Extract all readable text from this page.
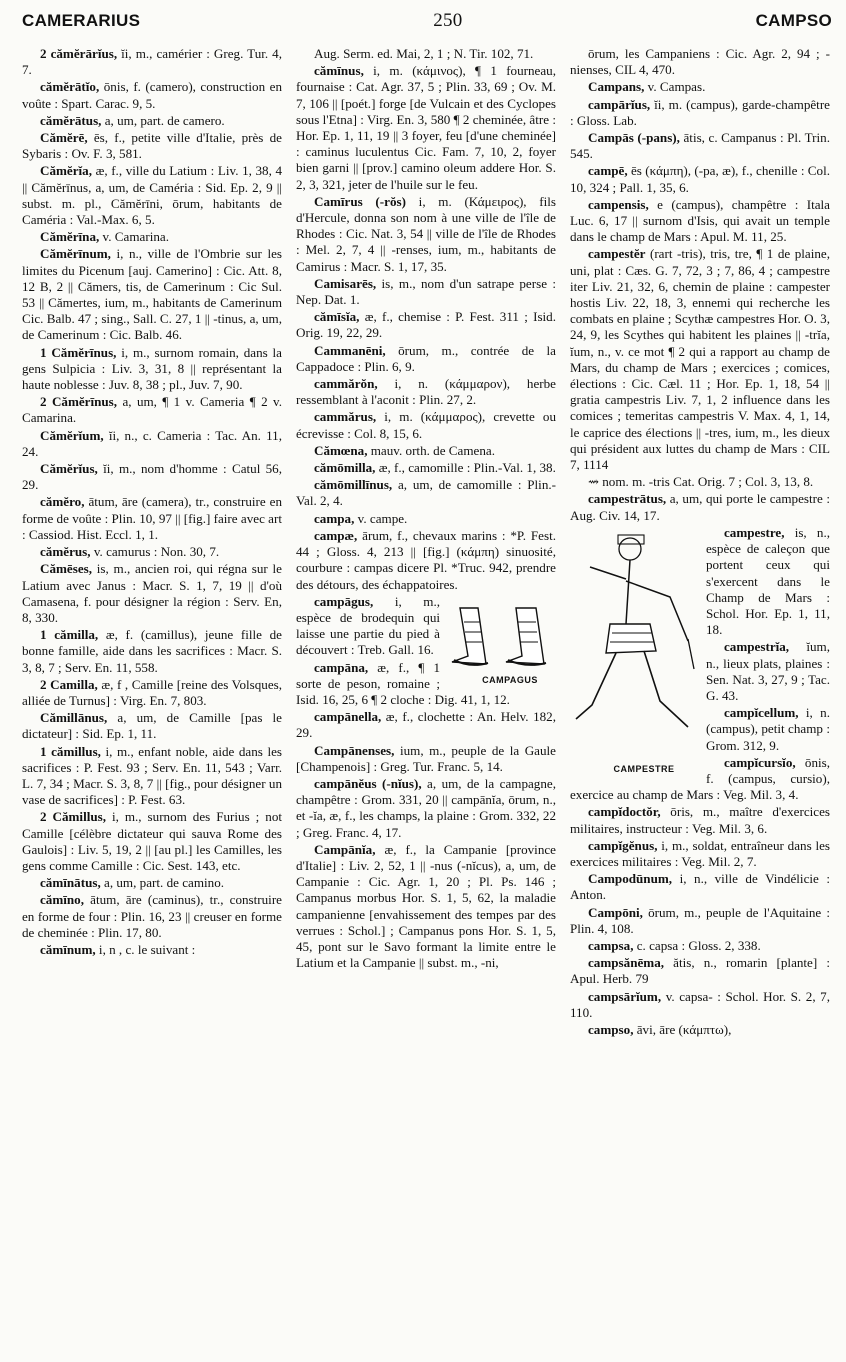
CAMERARIUS	250	CAMPSO

2 cămĕrārĭus, ĭi, m., camérier : Greg. Tur. 4, 7.

cămĕrātĭo, ōnis, f. (camero), construction en voûte : Spart. Carac. 9, 5.

cămĕrātus, a, um, part. de camero.

Cămĕrē, ēs, f., petite ville d'Italie, près de Sybaris : Ov. F. 3, 581.

Cămĕrĭa, æ, f., ville du Latium : Liv. 1, 38, 4 || Cămĕrīnus, a, um, de Caméria : Sid. Ep. 2, 9 || subst. m. pl., Cămĕrīni, ōrum, habitants de Caméria : Val.-Max. 6, 5.

Cămĕrīna, v. Camarina.

Cămĕrīnum, i, n., ville de l'Ombrie sur les limites du Picenum [auj. Camerino] : Cic. Att. 8, 12 B, 2 || Cămers, tis, de Camerinum : Cic Sul. 53 || Cămertes, ium, m., habitants de Camerinum Cic. Balb. 47 ; sing., Sall. C. 27, 1 || -tinus, a, um, de Camerinum : Cic. Balb. 46.

1 Cămĕrīnus, i, m., surnom romain, dans la gens Sulpicia : Liv. 3, 31, 8 || représentant la haute noblesse : Juv. 8, 38 ; pl., Juv. 7, 90.

2 Cămĕrīnus, a, um, ¶ 1 v. Cameria ¶ 2 v. Camarina.

Cămĕrĭum, ĭi, n., c. Cameria : Tac. An. 11, 24.

Cămĕrĭus, ĭi, m., nom d'homme : Catul 56, 29.

cămĕro, ātum, āre (camera), tr., construire en forme de voûte : Plin. 10, 97 || [fig.] faire avec art : Cassiod. Hist. Eccl. 1, 1.

cămĕrus, v. camurus : Non. 30, 7.

Cămēses, is, m., ancien roi, qui régna sur le Latium avec Janus : Macr. S. 1, 7, 19 || d'où Camasena, f. pour désigner la région : Serv. En, 8, 330.

1 cămilla, æ, f. (camillus), jeune fille de bonne famille, aide dans les sacrifices : Macr. S. 3, 8, 7 ; Serv. En. 11, 558.

2 Camilla, æ, f , Camille [reine des Volsques, alliée de Turnus] : Virg. En. 7, 803.

Cămillānus, a, um, de Camille [pas le dictateur] : Sid. Ep. 1, 11.

1 cămillus, i, m., enfant noble, aide dans les sacrifices : P. Fest. 93 ; Serv. En. 11, 543 ; Varr. L. 7, 34 ; Macr. S. 3, 8, 7 || [fig., pour désigner un vase de sacrifices] : P. Fest. 63.

2 Cămillus, i, m., surnom des Furius ; not Camille [célèbre dictateur qui sauva Rome des Gaulois] : Liv. 5, 19, 2 || [au pl.] les Camilles, les gens comme Camille : Cic. Sest. 143, etc.

cămīnātus, a, um, part. de camino.

cămīno, ātum, āre (caminus), tr., construire en forme de four : Plin. 16, 23 || creuser en forme de cheminée : Plin. 17, 80.

cămīnum, i, n , c. le suivant :

Aug. Serm. ed. Mai, 2, 1 ; N. Tir. 102, 71.

cămīnus, i, m. (κάμινος), ¶ 1 fourneau, fournaise : Cat. Agr. 37, 5 ; Plin. 33, 69 ; Ov. M. 7, 106 || [poét.] forge [de Vulcain et des Cyclopes sous l'Etna] : Virg. En. 3, 580 ¶ 2 cheminée, âtre : Hor. Ep. 1, 11, 19 || 3 foyer, feu [d'une cheminée] : caminus luculentus Cic. Fam. 7, 10, 2, foyer bien garni || [prov.] camino oleum addere Hor. S. 2, 3, 321, jeter de l'huile sur le feu.

Camīrus (-rŏs) i, m. (Κάμειρος), fils d'Hercule, donna son nom à une ville de l'île de Rhodes : Cic. Nat. 3, 54 || ville de l'île de Rhodes : Mel. 2, 7, 4 || -renses, ium, m., habitants de Camirus : Macr. S. 1, 17, 35.

Camisarēs, is, m., nom d'un satrape perse : Nep. Dat. 1.

cămīsĭa, æ, f., chemise : P. Fest. 311 ; Isid. Orig. 19, 22, 29.

Cammanēni, ōrum, m., contrée de la Cappadoce : Plin. 6, 9.

cammărŏn, i, n. (κάμμαρον), herbe ressemblant à l'aconit : Plin. 27, 2.

cammărus, i, m. (κάμμαρος), crevette ou écrevisse : Col. 8, 15, 6.

Cămœna, mauv. orth. de Camena.

cămōmilla, æ, f., camomille : Plin.-Val. 1, 38.

cămōmillīnus, a, um, de camomille : Plin.-Val. 2, 4.

campa, v. campe.

campæ, ārum, f., chevaux marins : *P. Fest. 44 ; Gloss. 4, 213 || [fig.] (κάμπη) sinuosité, courbure : campas dicere Pl. *Truc. 942, prendre des détours, des échappatoires.

CAMPAGUS
campāgus, i, m., espèce de brodequin qui laisse une partie du pied à découvert : Treb. Gall. 16.

campāna, æ, f., ¶ 1 sorte de peson, romaine ; Isid. 16, 25, 6 ¶ 2 cloche : Dig. 41, 1, 12.

campānella, æ, f., clochette : An. Helv. 182, 29.

Campānenses, ium, m., peuple de la Gaule [Champenois] : Greg. Tur. Franc. 5, 14.

campānĕus (-nĭus), a, um, de la campagne, champêtre : Grom. 331, 20 || campānĭa, ōrum, n., et -ĭa, æ, f., les champs, la plaine : Grom. 332, 22 ; Greg. Franc. 4, 17.

Campānĭa, æ, f., la Campanie [province d'Italie] : Liv. 2, 52, 1 || -nus (-nĭcus), a, um, de Campanie : Cic. Agr. 1, 20 ; Pl. Ps. 146 ; Campanus morbus Hor. S. 1, 5, 62, la maladie campanienne [envahissement des tempes par des verrues : Schol.] ; Campanus pons Hor. S. 1, 5, 45, pont sur le Savo formant la limite entre le Latium et la Campanie || subst. m., -ni,

ōrum, les Campaniens : Cic. Agr. 2, 94 ; -nienses, CIL 4, 470.

Campans, v. Campas.

campārĭus, ĭi, m. (campus), garde-champêtre : Gloss. Lab.

Campās (-pans), ātis, c. Campanus : Pl. Trin. 545.

campē, ēs (κάμπη), (-pa, æ), f., chenille : Col. 10, 324 ; Pall. 1, 35, 6.

campensis, e (campus), champêtre : Itala Luc. 6, 17 || surnom d'Isis, qui avait un temple dans le champ de Mars : Apul. M. 11, 25.

campestĕr (rart -tris), tris, tre, ¶ 1 de plaine, uni, plat : Cæs. G. 7, 72, 3 ; 7, 86, 4 ; campestre iter Liv. 21, 32, 6, chemin de plaine : campester hostis Liv. 22, 18, 3, ennemi qui recherche les combats en plaine ; Scythæ campestres Hor. O. 3, 24, 9, les Scythes qui habitent les plaines || -trĭa, ĭum, n., v. ce mot ¶ 2 qui a rapport au champ de Mars, du champ de Mars ; exercices ; comices, élections : Cic. Cæl. 11 ; Hor. Ep. 1, 18, 54 || gratia campestris Liv. 7, 1, 2 influence dans les comices ; temeritas campestris V. Max. 4, 1, 14, le caprice des élections || -tres, ium, m., les dieux qui président aux luttes du champ de Mars : CIL 7, 1114

⇝ nom. m. -tris Cat. Orig. 7 ; Col. 3, 13, 8.

campestrātus, a, um, qui porte le campestre : Aug. Civ. 14, 17.

CAMPESTRE
campestre, is, n., espèce de caleçon que portent ceux qui s'exercent dans le Champ de Mars : Schol. Hor. Ep. 1, 11, 18.

campestrĭa, ĭum, n., lieux plats, plaines : Sen. Nat. 3, 27, 9 ; Tac. G. 43.

campĭcellum, i, n. (campus), petit champ : Grom. 312, 9.

campĭcursĭo, ōnis, f. (campus, cursio), exercice au champ de Mars : Veg. Mil. 3, 4.

campĭdoctŏr, ōris, m., maître d'exercices militaires, instructeur : Veg. Mil. 3, 6.

campĭgĕnus, i, m., soldat, entraîneur dans les exercices militaires : Veg. Mil. 2, 7.

Campodūnum, i, n., ville de Vindélicie : Anton.

Campōni, ōrum, m., peuple de l'Aquitaine : Plin. 4, 108.

campsa, c. capsa : Gloss. 2, 338.

campsănēma, ătis, n., romarin [plante] : Apul. Herb. 79

campsārĭum, v. capsa- : Schol. Hor. S. 2, 7, 110.

campso, āvi, āre (κάμπτω),
